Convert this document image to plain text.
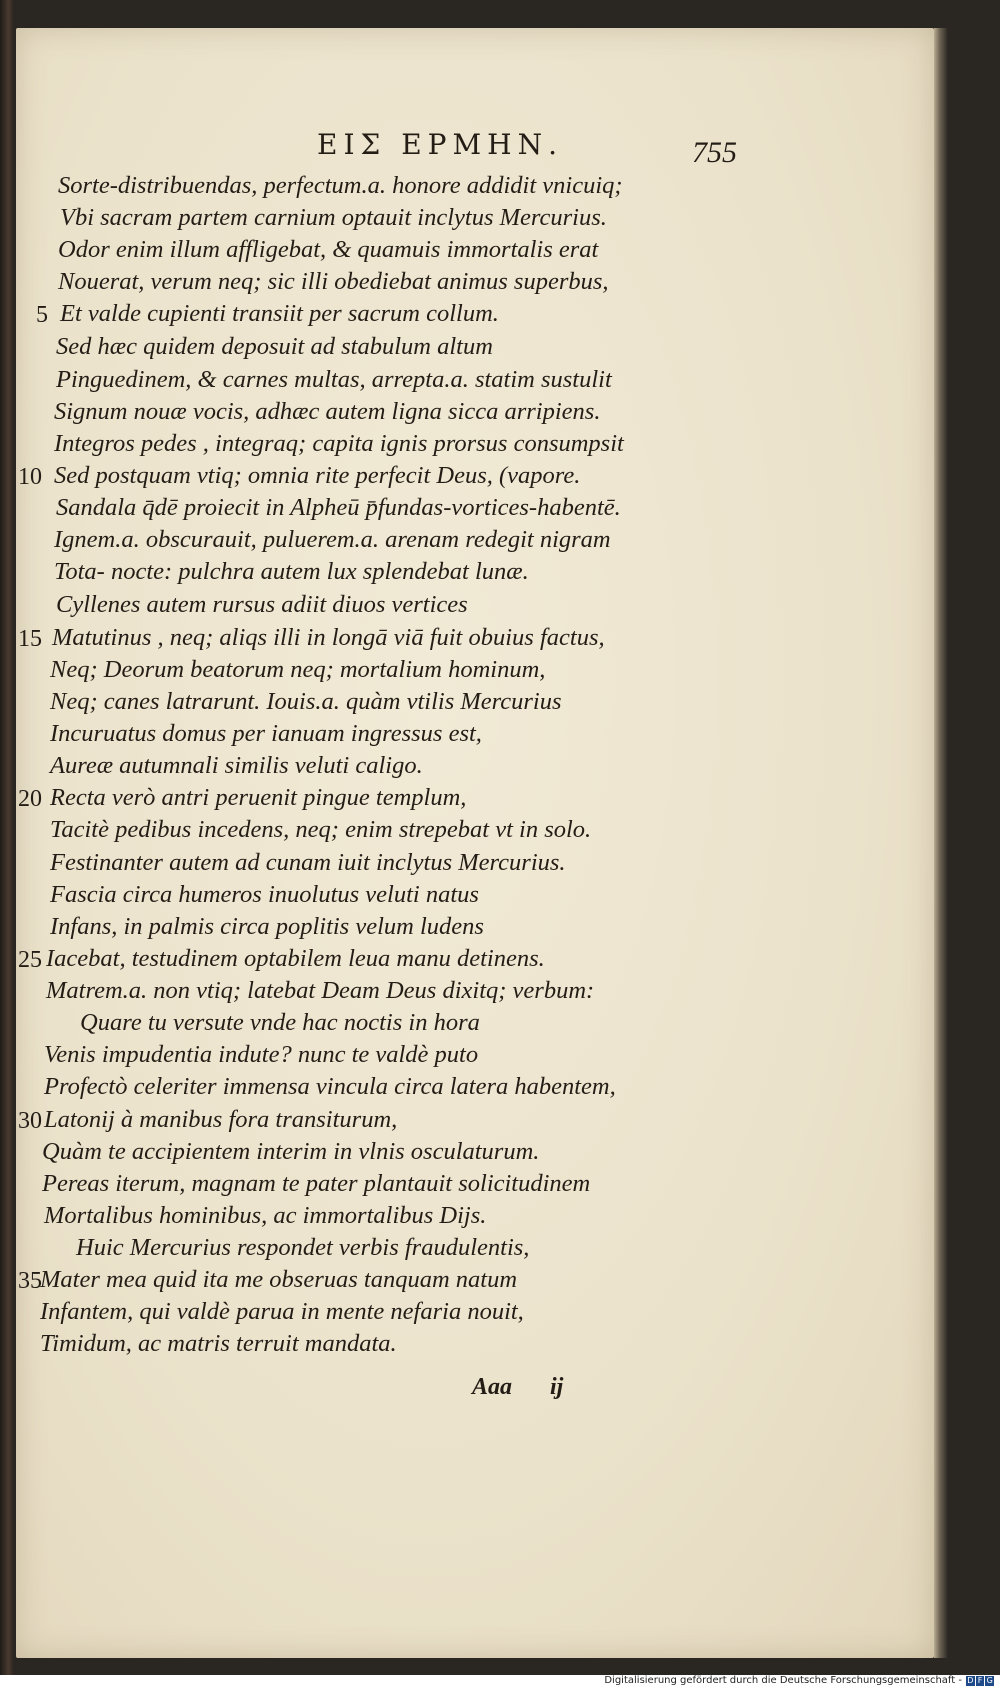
ΕΙΣ ΕΡΜΗΝ.	755
Sorte-distribuendas, perfectum.a. honore addidit vnicuiq;
Vbi sacram partem carnium optauit inclytus Mercurius.
Odor enim illum affligebat, & quamuis immortalis erat
Nouerat, verum neq; sic illi obediebat animus superbus,
Et valde cupienti transiit per sacrum collum.
Sed hæc quidem deposuit ad stabulum altum
Pinguedinem, & carnes multas, arrepta.a. statim sustulit
Signum nouæ vocis, adhæc autem ligna sicca arripiens.
Integros pedes , integraq; capita ignis prorsus consumpsit
Sed postquam vtiq; omnia rite perfecit Deus, (vapore.
Sandala q̄dē proiecit in Alpheū p̄fundas-vortices-habentē.
Ignem.a. obscurauit, puluerem.a. arenam redegit nigram
Tota- nocte: pulchra autem lux splendebat lunæ.
Cyllenes autem rursus adiit diuos vertices
Matutinus , neq; aliqs illi in longā viā fuit obuius factus,
Neq; Deorum beatorum neq; mortalium hominum,
Neq; canes latrarunt. Iouis.a. quàm vtilis Mercurius
Incuruatus domus per ianuam ingressus est,
Aureæ autumnali similis veluti caligo.
Recta verò antri peruenit pingue templum,
Tacitè pedibus incedens, neq; enim strepebat vt in solo.
Festinanter autem ad cunam iuit inclytus Mercurius.
Fascia circa humeros inuolutus veluti natus
Infans, in palmis circa poplitis velum ludens
Iacebat, testudinem optabilem leua manu detinens.
Matrem.a. non vtiq; latebat Deam Deus dixitq; verbum:
Quare tu versute vnde hac noctis in hora
Venis impudentia indute? nunc te valdè puto
Profectò celeriter immensa vincula circa latera habentem,
Latonij à manibus fora transiturum,
Quàm te accipientem interim in vlnis osculaturum.
Pereas iterum, magnam te pater plantauit solicitudinem
Mortalibus hominibus, ac immortalibus Dijs.
Huic Mercurius respondet verbis fraudulentis,
Mater mea quid ita me obseruas tanquam natum
Infantem, qui valdè parua in mente nefaria nouit,
Timidum, ac matris terruit mandata.
5
10
15
20
25
30
35
Aaa ij
Digitalisierung gefördert durch die Deutsche Forschungsgemeinschaft - D F G
